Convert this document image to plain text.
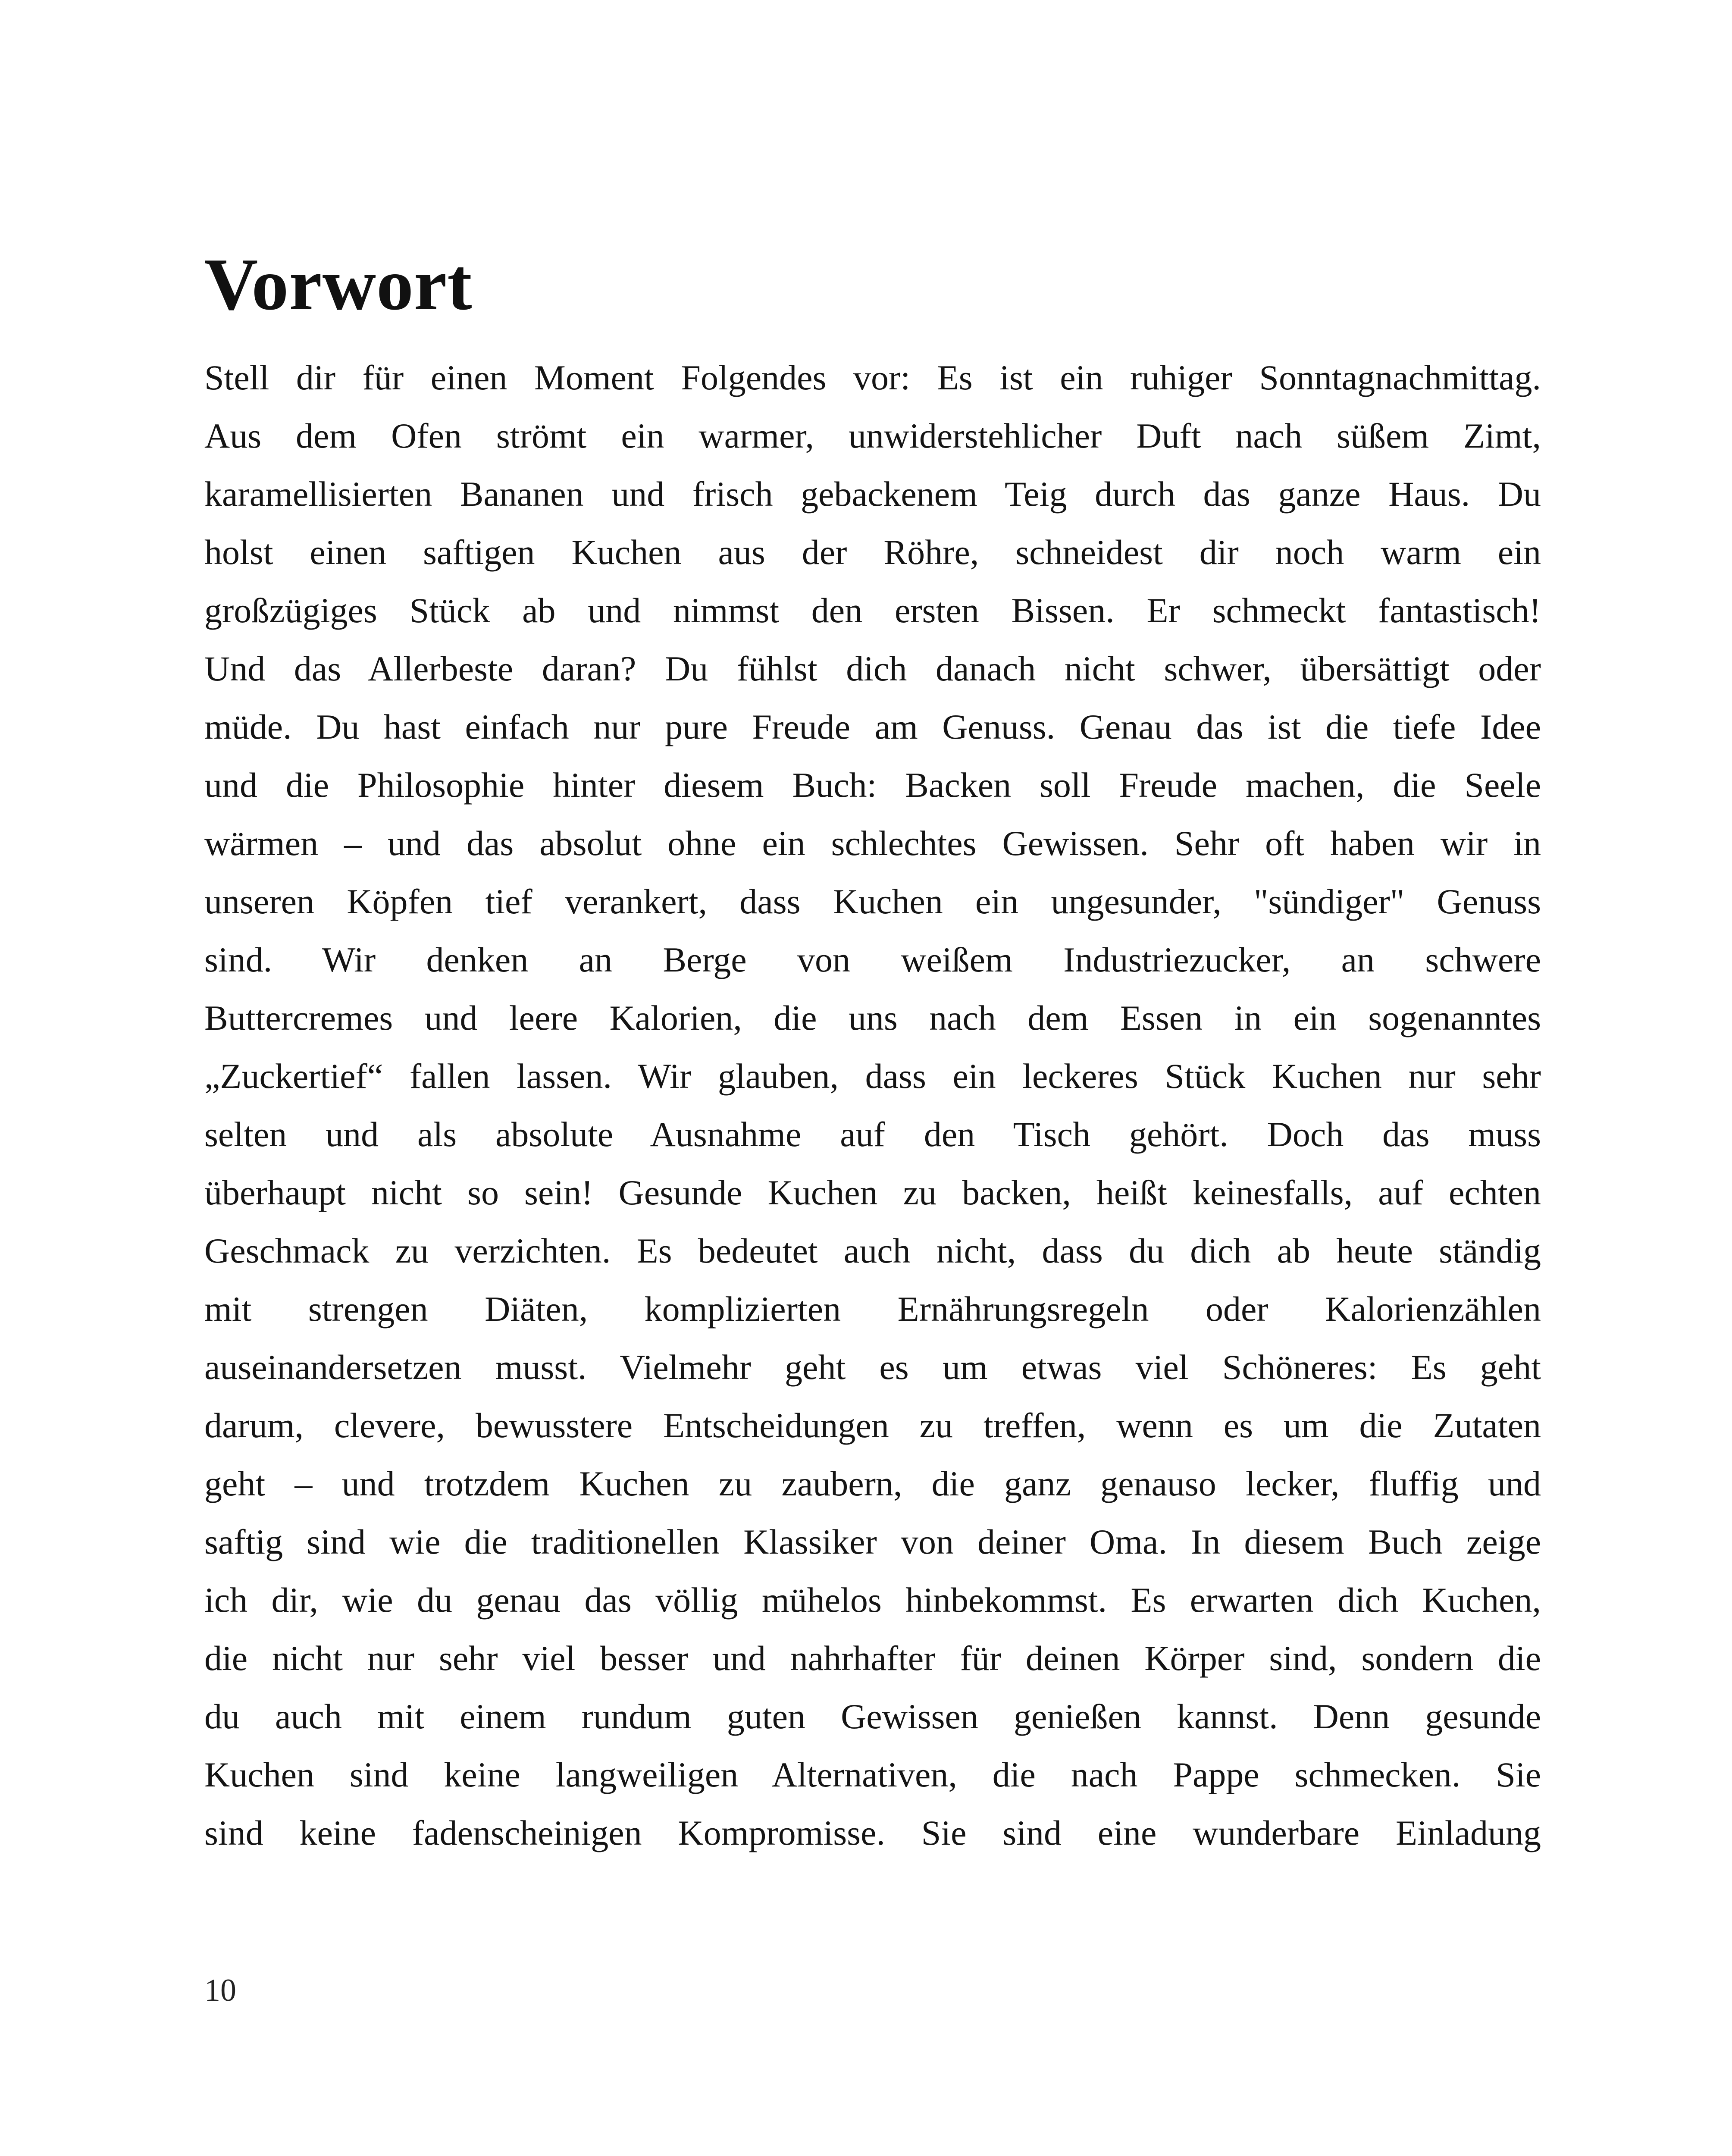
Vorwort
Stell dir für einen Moment Folgendes vor: Es ist ein ruhiger Sonntagnachmittag.
Aus dem Ofen strömt ein warmer, unwiderstehlicher Duft nach süßem Zimt,
karamellisierten Bananen und frisch gebackenem Teig durch das ganze Haus. Du
holst einen saftigen Kuchen aus der Röhre, schneidest dir noch warm ein
großzügiges Stück ab und nimmst den ersten Bissen. Er schmeckt fantastisch!
Und das Allerbeste daran? Du fühlst dich danach nicht schwer, übersättigt oder
müde. Du hast einfach nur pure Freude am Genuss. Genau das ist die tiefe Idee
und die Philosophie hinter diesem Buch: Backen soll Freude machen, die Seele
wärmen – und das absolut ohne ein schlechtes Gewissen. Sehr oft haben wir in
unseren Köpfen tief verankert, dass Kuchen ein ungesunder, "sündiger" Genuss
sind. Wir denken an Berge von weißem Industriezucker, an schwere
Buttercremes und leere Kalorien, die uns nach dem Essen in ein sogenanntes
„Zuckertief“ fallen lassen. Wir glauben, dass ein leckeres Stück Kuchen nur sehr
selten und als absolute Ausnahme auf den Tisch gehört. Doch das muss
überhaupt nicht so sein! Gesunde Kuchen zu backen, heißt keinesfalls, auf echten
Geschmack zu verzichten. Es bedeutet auch nicht, dass du dich ab heute ständig
mit strengen Diäten, komplizierten Ernährungsregeln oder Kalorienzählen
auseinandersetzen musst. Vielmehr geht es um etwas viel Schöneres: Es geht
darum, clevere, bewusstere Entscheidungen zu treffen, wenn es um die Zutaten
geht – und trotzdem Kuchen zu zaubern, die ganz genauso lecker, fluffig und
saftig sind wie die traditionellen Klassiker von deiner Oma. In diesem Buch zeige
ich dir, wie du genau das völlig mühelos hinbekommst. Es erwarten dich Kuchen,
die nicht nur sehr viel besser und nahrhafter für deinen Körper sind, sondern die
du auch mit einem rundum guten Gewissen genießen kannst. Denn gesunde
Kuchen sind keine langweiligen Alternativen, die nach Pappe schmecken. Sie
sind keine fadenscheinigen Kompromisse. Sie sind eine wunderbare Einladung
10
